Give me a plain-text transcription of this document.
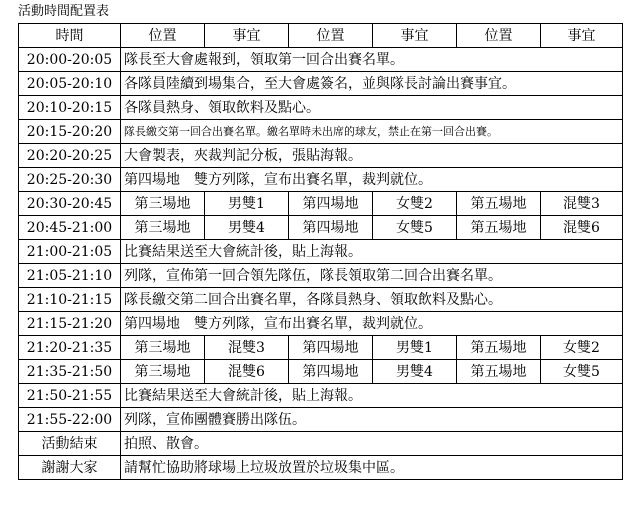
活動時間配置表
時間	位置	事宜	位置	事宜	位置	事宜
20:00-20:05	隊長至大會處報到，領取第一回合出賽名單。					
20:05-20:10	各隊員陸續到場集合，至大會處簽名，並與隊長討論出賽事宜。					
20:10-20:15	各隊員熱身、領取飲料及點心。					
20:15-20:20	隊長繳交第一回合出賽名單。繳名單時未出席的球友，禁止在第一回合出賽。					
20:20-20:25	大會製表，夾裁判記分板，張貼海報。					
20:25-20:30	第四場地　雙方列隊，宣布出賽名單，裁判就位。					
20:30-20:45	第三場地	男雙1	第四場地	女雙2	第五場地	混雙3
20:45-21:00	第三場地	男雙4	第四場地	女雙5	第五場地	混雙6
21:00-21:05	比賽結果送至大會統計後，貼上海報。					
21:05-21:10	列隊，宣佈第一回合領先隊伍，隊長領取第二回合出賽名單。					
21:10-21:15	隊長繳交第二回合出賽名單，各隊員熱身、領取飲料及點心。					
21:15-21:20	第四場地　雙方列隊，宣布出賽名單，裁判就位。					
21:20-21:35	第三場地	混雙3	第四場地	男雙1	第五場地	女雙2
21:35-21:50	第三場地	混雙6	第四場地	男雙4	第五場地	女雙5
21:50-21:55	比賽結果送至大會統計後，貼上海報。					
21:55-22:00	列隊，宣佈團體賽勝出隊伍。					
活動結束	拍照、散會。					
謝謝大家	請幫忙協助將球場上垃圾放置於垃圾集中區。					
